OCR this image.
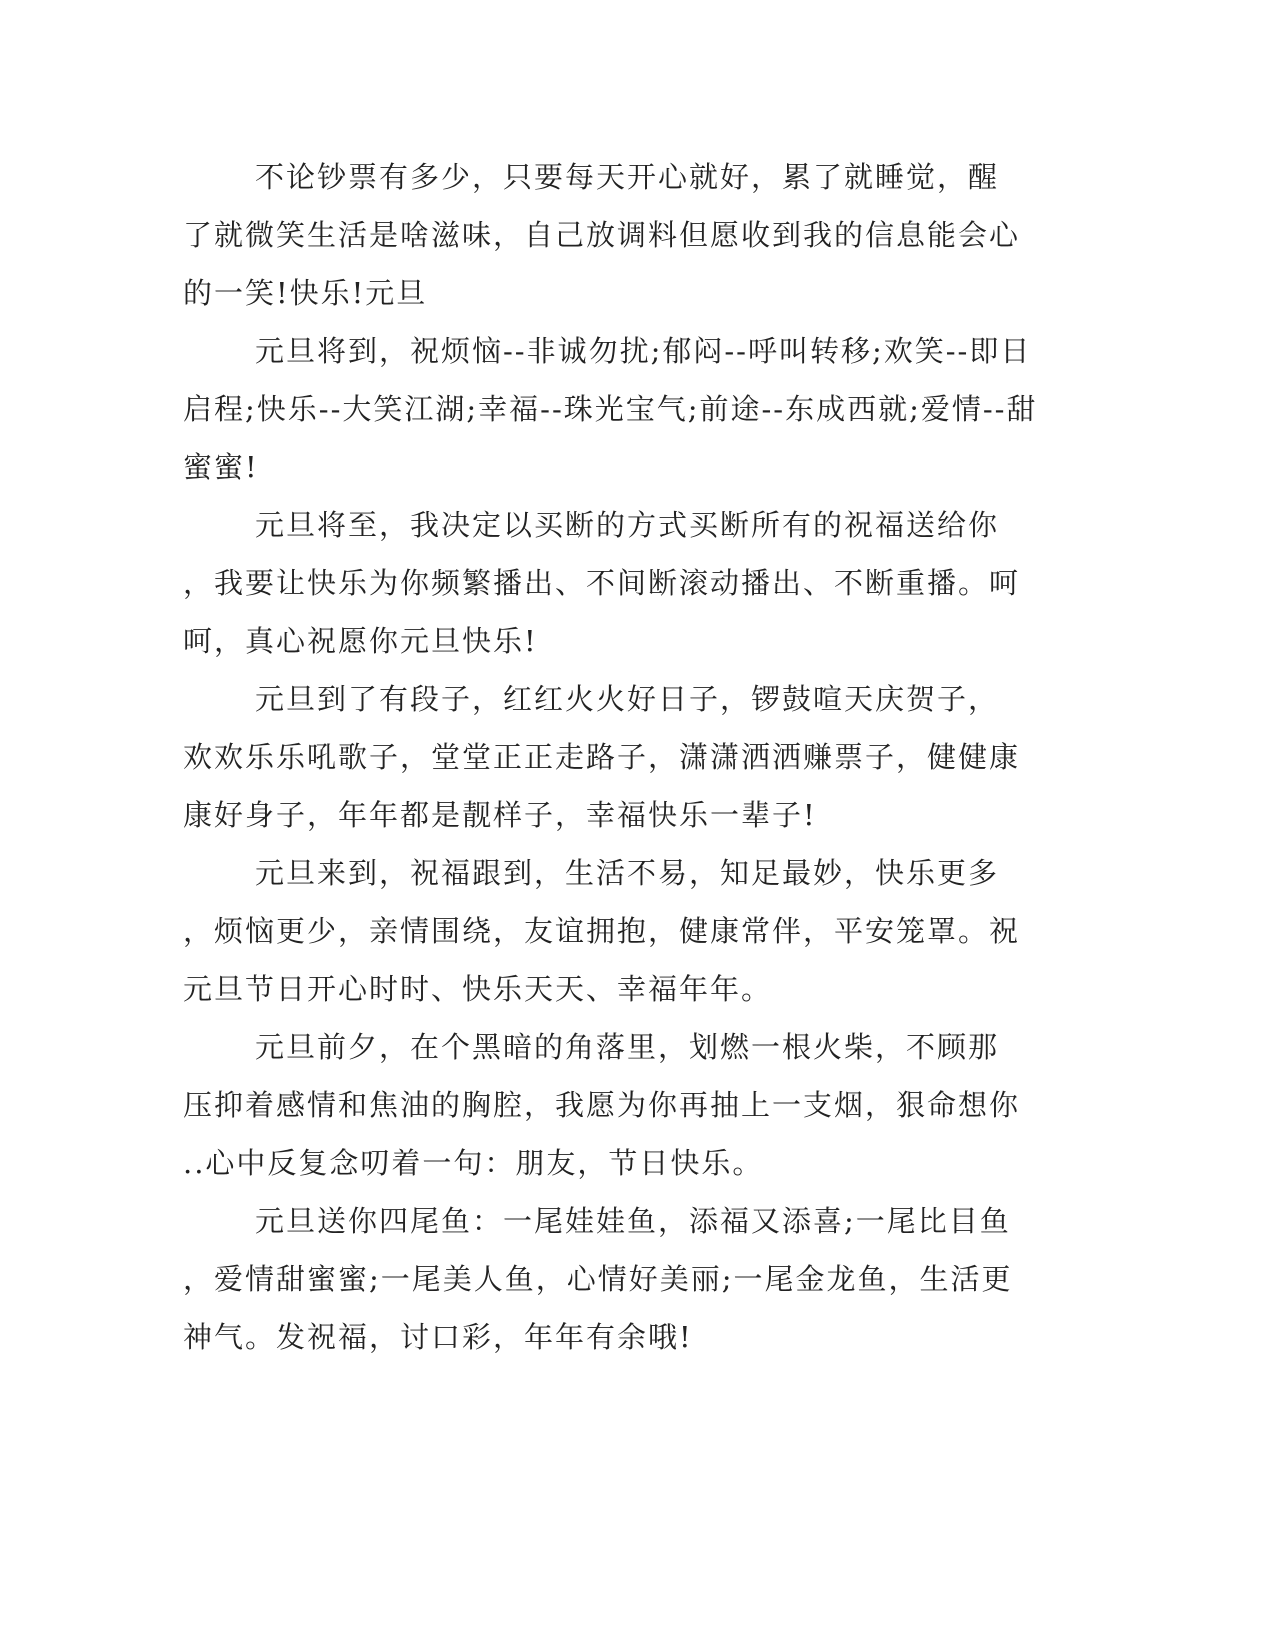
不论钞票有多少，只要每天开心就好，累了就睡觉，醒
了就微笑生活是啥滋味，自己放调料但愿收到我的信息能会心
的一笑!快乐!元旦
元旦将到，祝烦恼--非诚勿扰;郁闷--呼叫转移;欢笑--即日
启程;快乐--大笑江湖;幸福--珠光宝气;前途--东成西就;爱情--甜
蜜蜜!
元旦将至，我决定以买断的方式买断所有的祝福送给你
，我要让快乐为你频繁播出、不间断滚动播出、不断重播。呵
呵，真心祝愿你元旦快乐!
元旦到了有段子，红红火火好日子，锣鼓喧天庆贺子，
欢欢乐乐吼歌子，堂堂正正走路子，潇潇洒洒赚票子，健健康
康好身子，年年都是靓样子，幸福快乐一辈子!
元旦来到，祝福跟到，生活不易，知足最妙，快乐更多
，烦恼更少，亲情围绕，友谊拥抱，健康常伴，平安笼罩。祝
元旦节日开心时时、快乐天天、幸福年年。
元旦前夕，在个黑暗的角落里，划燃一根火柴，不顾那
压抑着感情和焦油的胸腔，我愿为你再抽上一支烟，狠命想你
..心中反复念叨着一句：朋友，节日快乐。
元旦送你四尾鱼：一尾娃娃鱼，添福又添喜;一尾比目鱼
，爱情甜蜜蜜;一尾美人鱼，心情好美丽;一尾金龙鱼，生活更
神气。发祝福，讨口彩，年年有余哦!
